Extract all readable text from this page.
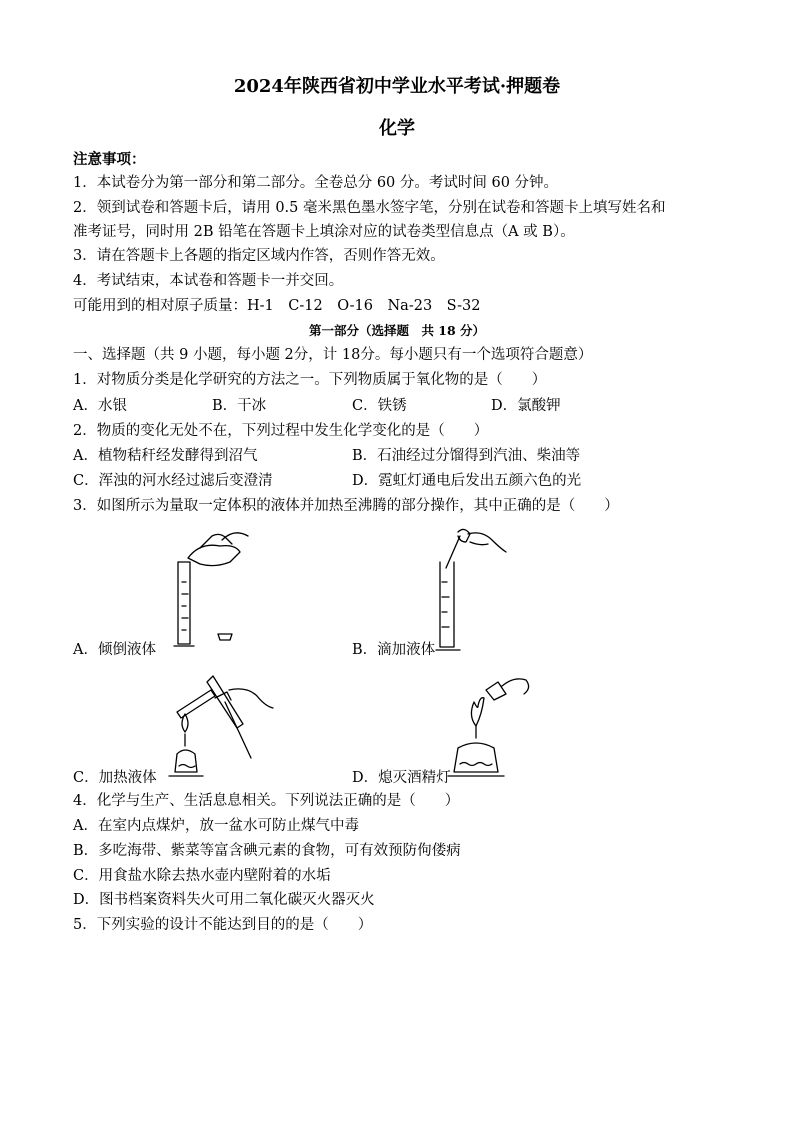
2024年陕西省初中学业水平考试·押题卷
化学
注意事项：
1．本试卷分为第一部分和第二部分。全卷总分 60 分。考试时间 60 分钟。
2．领到试卷和答题卡后，请用 0.5 毫米黑色墨水签字笔，分别在试卷和答题卡上填写姓名和
准考证号，同时用 2B 铅笔在答题卡上填涂对应的试卷类型信息点（A 或 B）。
3．请在答题卡上各题的指定区域内作答，否则作答无效。
4．考试结束，本试卷和答题卡一并交回。
可能用到的相对原子质量：H-1　C-12　O-16　Na-23　S-32
第一部分（选择题　共 18 分）
一、选择题（共 9 小题，每小题 2分，计 18分。每小题只有一个选项符合题意）
1．对物质分类是化学研究的方法之一。下列物质属于氧化物的是（　　）
A．水银	B．干冰	C．铁锈	D．氯酸钾
2．物质的变化无处不在，下列过程中发生化学变化的是（　　）
A．植物秸秆经发酵得到沼气	B．石油经过分馏得到汽油、柴油等
C．浑浊的河水经过滤后变澄清	D．霓虹灯通电后发出五颜六色的光
3．如图所示为量取一定体积的液体并加热至沸腾的部分操作，其中正确的是（　　）
A．倾倒液体	B．滴加液体
C．加热液体	D．熄灭酒精灯
4．化学与生产、生活息息相关。下列说法正确的是（　　）
A．在室内点煤炉，放一盆水可防止煤气中毒
B．多吃海带、紫菜等富含碘元素的食物，可有效预防佝偻病
C．用食盐水除去热水壶内壁附着的水垢
D．图书档案资料失火可用二氧化碳灭火器灭火
5．下列实验的设计不能达到目的的是（　　）
